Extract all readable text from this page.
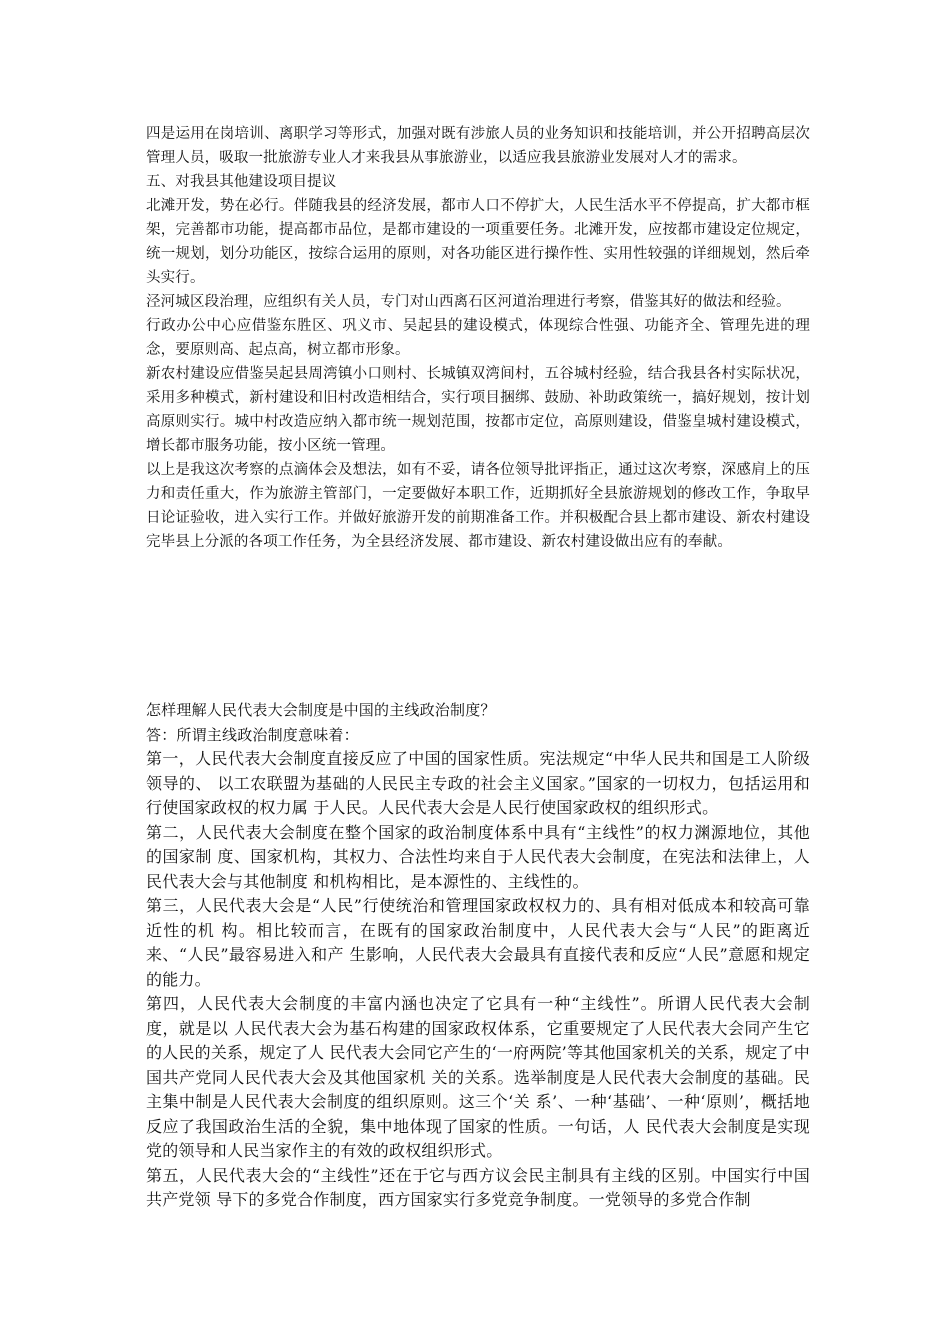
四是运用在岗培训、离职学习等形式，加强对既有涉旅人员的业务知识和技能培训，并公开招聘高层次管理人员，吸取一批旅游专业人才来我县从事旅游业，以适应我县旅游业发展对人才的需求。

五、对我县其他建设项目提议

北滩开发，势在必行。伴随我县的经济发展，都市人口不停扩大，人民生活水平不停提高，扩大都市框架，完善都市功能，提高都市品位，是都市建设的一项重要任务。北滩开发，应按都市建设定位规定，统一规划，划分功能区，按综合运用的原则，对各功能区进行操作性、实用性较强的详细规划，然后牵头实行。

泾河城区段治理，应组织有关人员，专门对山西离石区河道治理进行考察，借鉴其好的做法和经验。

行政办公中心应借鉴东胜区、巩义市、吴起县的建设模式，体现综合性强、功能齐全、管理先进的理念，要原则高、起点高，树立都市形象。

新农村建设应借鉴吴起县周湾镇小口则村、长城镇双湾间村，五谷城村经验，结合我县各村实际状况，采用多种模式，新村建设和旧村改造相结合，实行项目捆绑、鼓励、补助政策统一，搞好规划，按计划高原则实行。城中村改造应纳入都市统一规划范围，按都市定位，高原则建设，借鉴皇城村建设模式，增长都市服务功能，按小区统一管理。

以上是我这次考察的点滴体会及想法，如有不妥，请各位领导批评指正，通过这次考察，深感肩上的压力和责任重大，作为旅游主管部门，一定要做好本职工作，近期抓好全县旅游规划的修改工作，争取早日论证验收，进入实行工作。并做好旅游开发的前期准备工作。并积极配合县上都市建设、新农村建设完毕县上分派的各项工作任务，为全县经济发展、都市建设、新农村建设做出应有的奉献。

怎样理解人民代表大会制度是中国的主线政治制度？

答：所谓主线政治制度意味着：

第一，人民代表大会制度直接反应了中国的国家性质。宪法规定“中华人民共和国是工人阶级领导的、 以工农联盟为基础的人民民主专政的社会主义国家。”国家的一切权力，包括运用和行使国家政权的权力属 于人民。人民代表大会是人民行使国家政权的组织形式。

第二，人民代表大会制度在整个国家的政治制度体系中具有“主线性”的权力渊源地位，其他的国家制 度、国家机构，其权力、合法性均来自于人民代表大会制度，在宪法和法律上，人民代表大会与其他制度 和机构相比，是本源性的、主线性的。

第三，人民代表大会是“人民”行使统治和管理国家政权权力的、具有相对低成本和较高可靠近性的机 构。相比较而言，在既有的国家政治制度中，人民代表大会与“人民”的距离近来、“人民”最容易进入和产 生影响，人民代表大会最具有直接代表和反应“人民”意愿和规定的能力。

第四，人民代表大会制度的丰富内涵也决定了它具有一种“主线性”。所谓人民代表大会制度，就是以 人民代表大会为基石构建的国家政权体系，它重要规定了人民代表大会同产生它的人民的关系，规定了人 民代表大会同它产生的‘一府两院’等其他国家机关的关系，规定了中国共产党同人民代表大会及其他国家机 关的关系。选举制度是人民代表大会制度的基础。民主集中制是人民代表大会制度的组织原则。这三个‘关 系’、一种‘基础’、一种‘原则’，概括地反应了我国政治生活的全貌，集中地体现了国家的性质。一句话，人 民代表大会制度是实现党的领导和人民当家作主的有效的政权组织形式。

第五，人民代表大会的“主线性”还在于它与西方议会民主制具有主线的区别。中国实行中国共产党领 导下的多党合作制度，西方国家实行多党竞争制度。一党领导的多党合作制
